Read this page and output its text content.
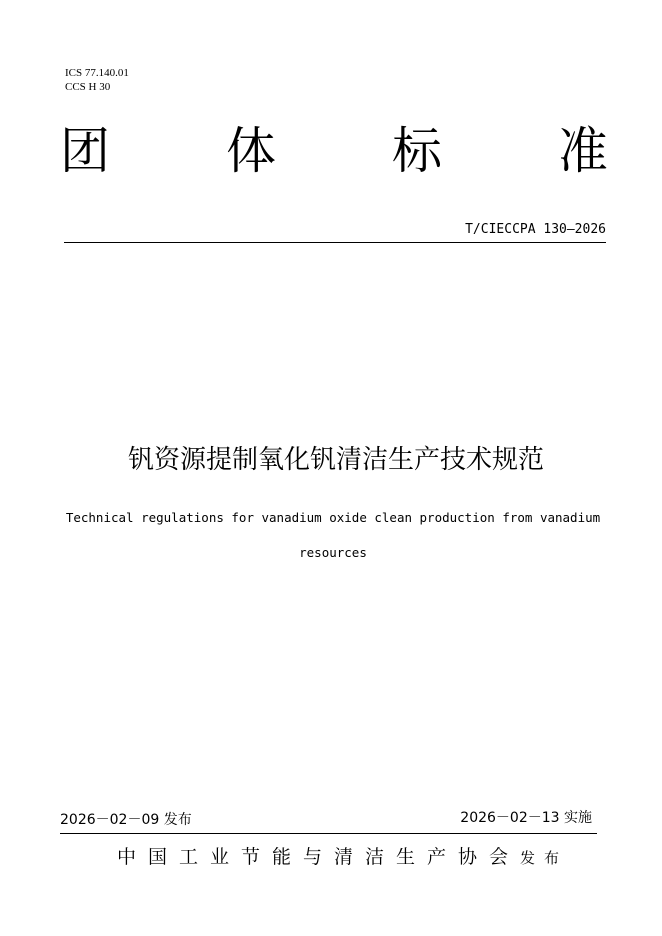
ICS 77.140.01
CCS H 30
团 体 标 准
T/CIECCPA 130—2026
钒资源提制氧化钒清洁生产技术规范
Technical regulations for vanadium oxide clean production from vanadium resources
2026－02－09 发布	2026－02－13 实施
中国工业节能与清洁生产协会发布
